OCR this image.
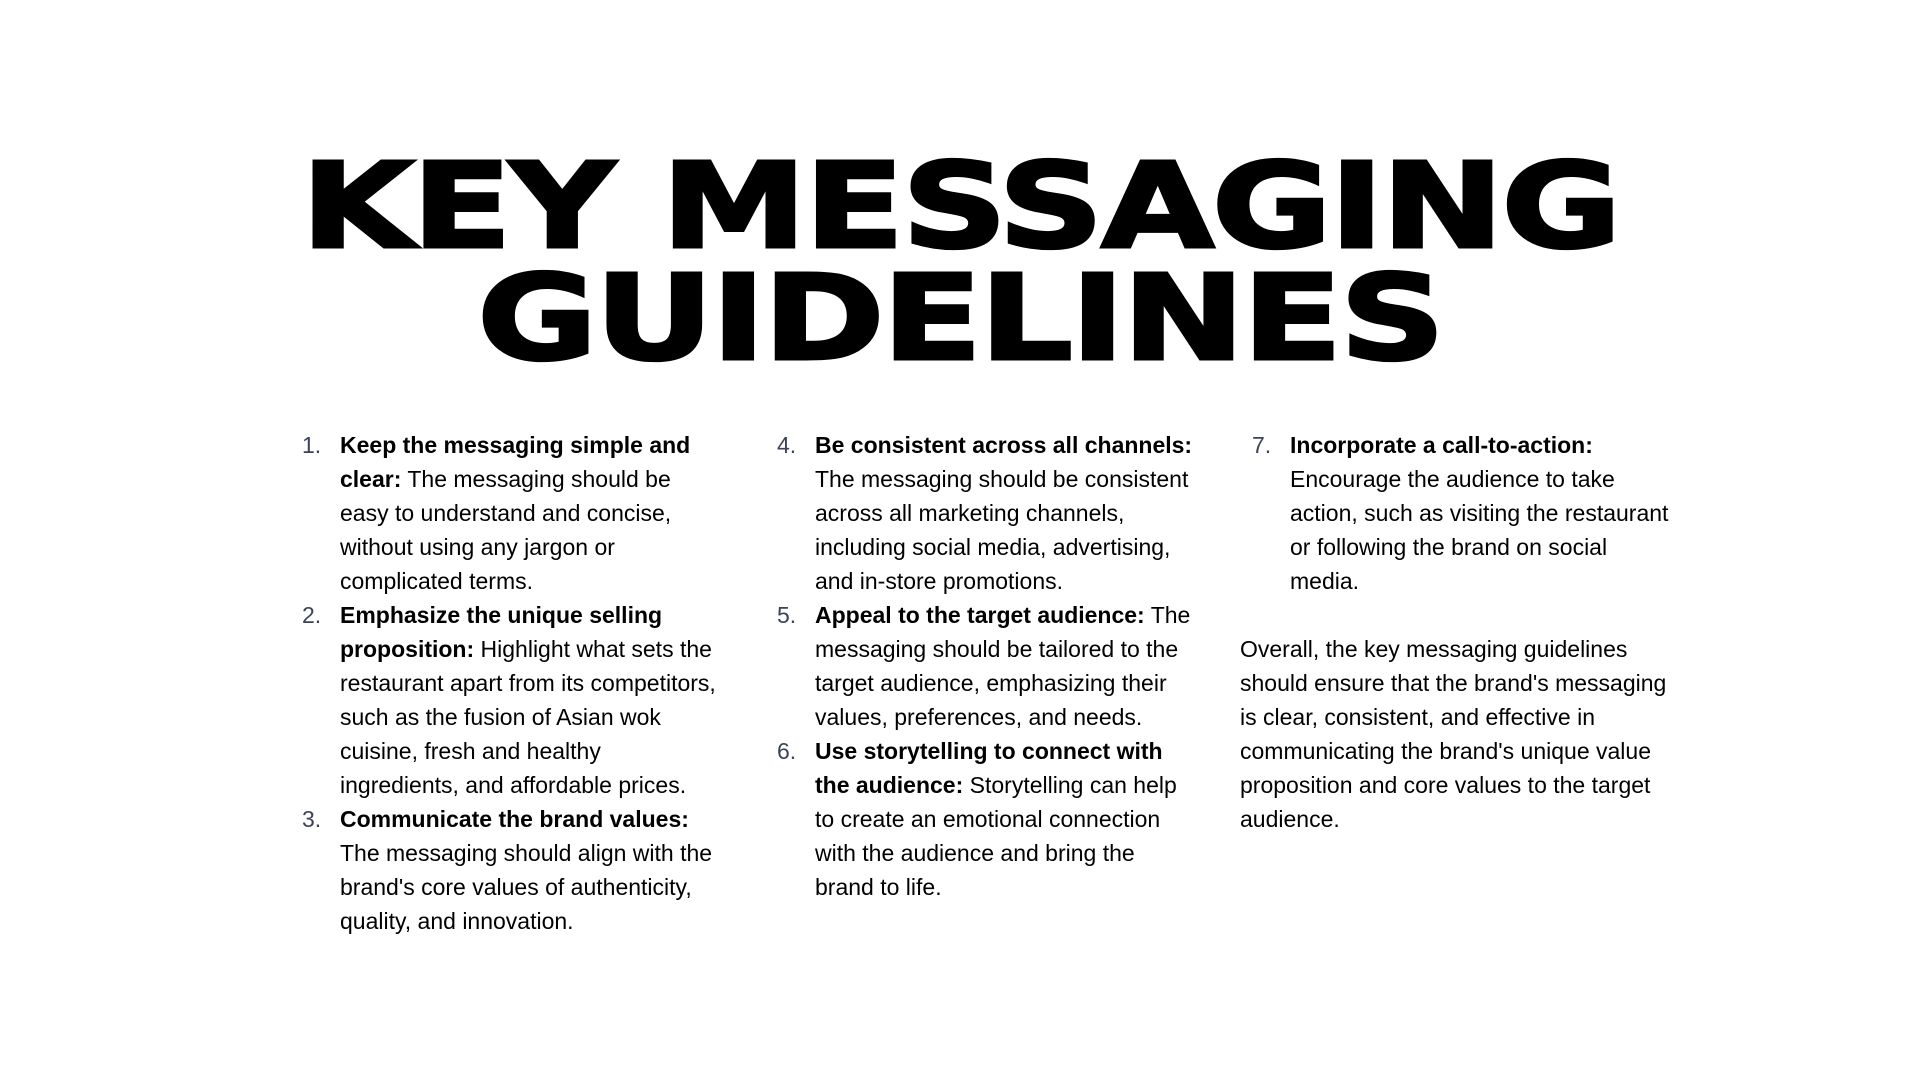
KEY MESSAGING
GUIDELINES
1. Keep the messaging simple and clear: The messaging should be easy to understand and concise, without using any jargon or complicated terms.
2. Emphasize the unique selling proposition: Highlight what sets the restaurant apart from its competitors, such as the fusion of Asian wok cuisine, fresh and healthy ingredients, and affordable prices.
3. Communicate the brand values: The messaging should align with the brand's core values of authenticity, quality, and innovation.
4. Be consistent across all channels: The messaging should be consistent across all marketing channels, including social media, advertising, and in-store promotions.
5. Appeal to the target audience: The messaging should be tailored to the target audience, emphasizing their values, preferences, and needs.
6. Use storytelling to connect with the audience: Storytelling can help to create an emotional connection with the audience and bring the brand to life.
7. Incorporate a call-to-action: Encourage the audience to take action, such as visiting the restaurant or following the brand on social media.

Overall, the key messaging guidelines should ensure that the brand's messaging is clear, consistent, and effective in communicating the brand's unique value proposition and core values to the target audience.
